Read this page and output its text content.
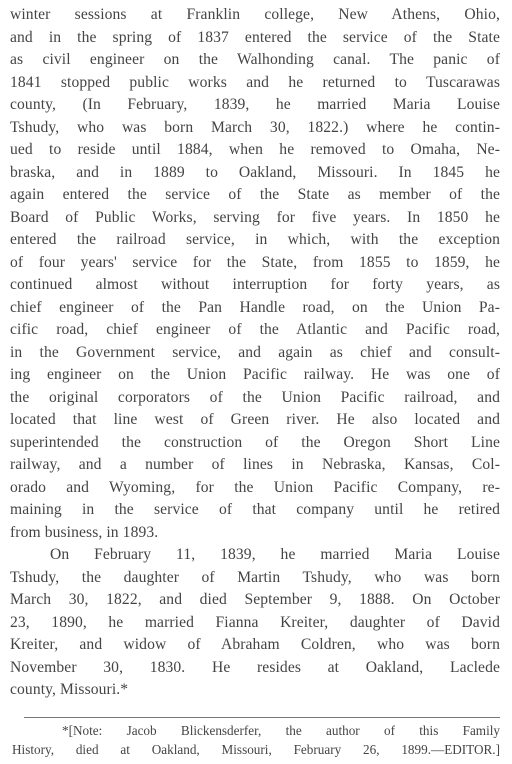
winter sessions at Franklin college, New Athens, Ohio,
and in the spring of 1837 entered the service of the State
as civil engineer on the Walhonding canal. The panic of
1841 stopped public works and he returned to Tuscarawas
county, (In February, 1839, he married Maria Louise
Tshudy, who was born March 30, 1822.) where he contin-
ued to reside until 1884, when he removed to Omaha, Ne-
braska, and in 1889 to Oakland, Missouri. In 1845 he
again entered the service of the State as member of the
Board of Public Works, serving for five years. In 1850 he
entered the railroad service, in which, with the exception
of four years' service for the State, from 1855 to 1859, he
continued almost without interruption for forty years, as
chief engineer of the Pan Handle road, on the Union Pa-
cific road, chief engineer of the Atlantic and Pacific road,
in the Government service, and again as chief and consult-
ing engineer on the Union Pacific railway. He was one of
the original corporators of the Union Pacific railroad, and
located that line west of Green river. He also located and
superintended the construction of the Oregon Short Line
railway, and a number of lines in Nebraska, Kansas, Col-
orado and Wyoming, for the Union Pacific Company, re-
maining in the service of that company until he retired
from business, in 1893.
On February 11, 1839, he married Maria Louise
Tshudy, the daughter of Martin Tshudy, who was born
March 30, 1822, and died September 9, 1888. On October
23, 1890, he married Fianna Kreiter, daughter of David
Kreiter, and widow of Abraham Coldren, who was born
November 30, 1830. He resides at Oakland, Laclede
county, Missouri.*
*[Note: Jacob Blickensderfer, the author of this Family
History, died at Oakland, Missouri, February 26, 1899.—EDITOR.]
